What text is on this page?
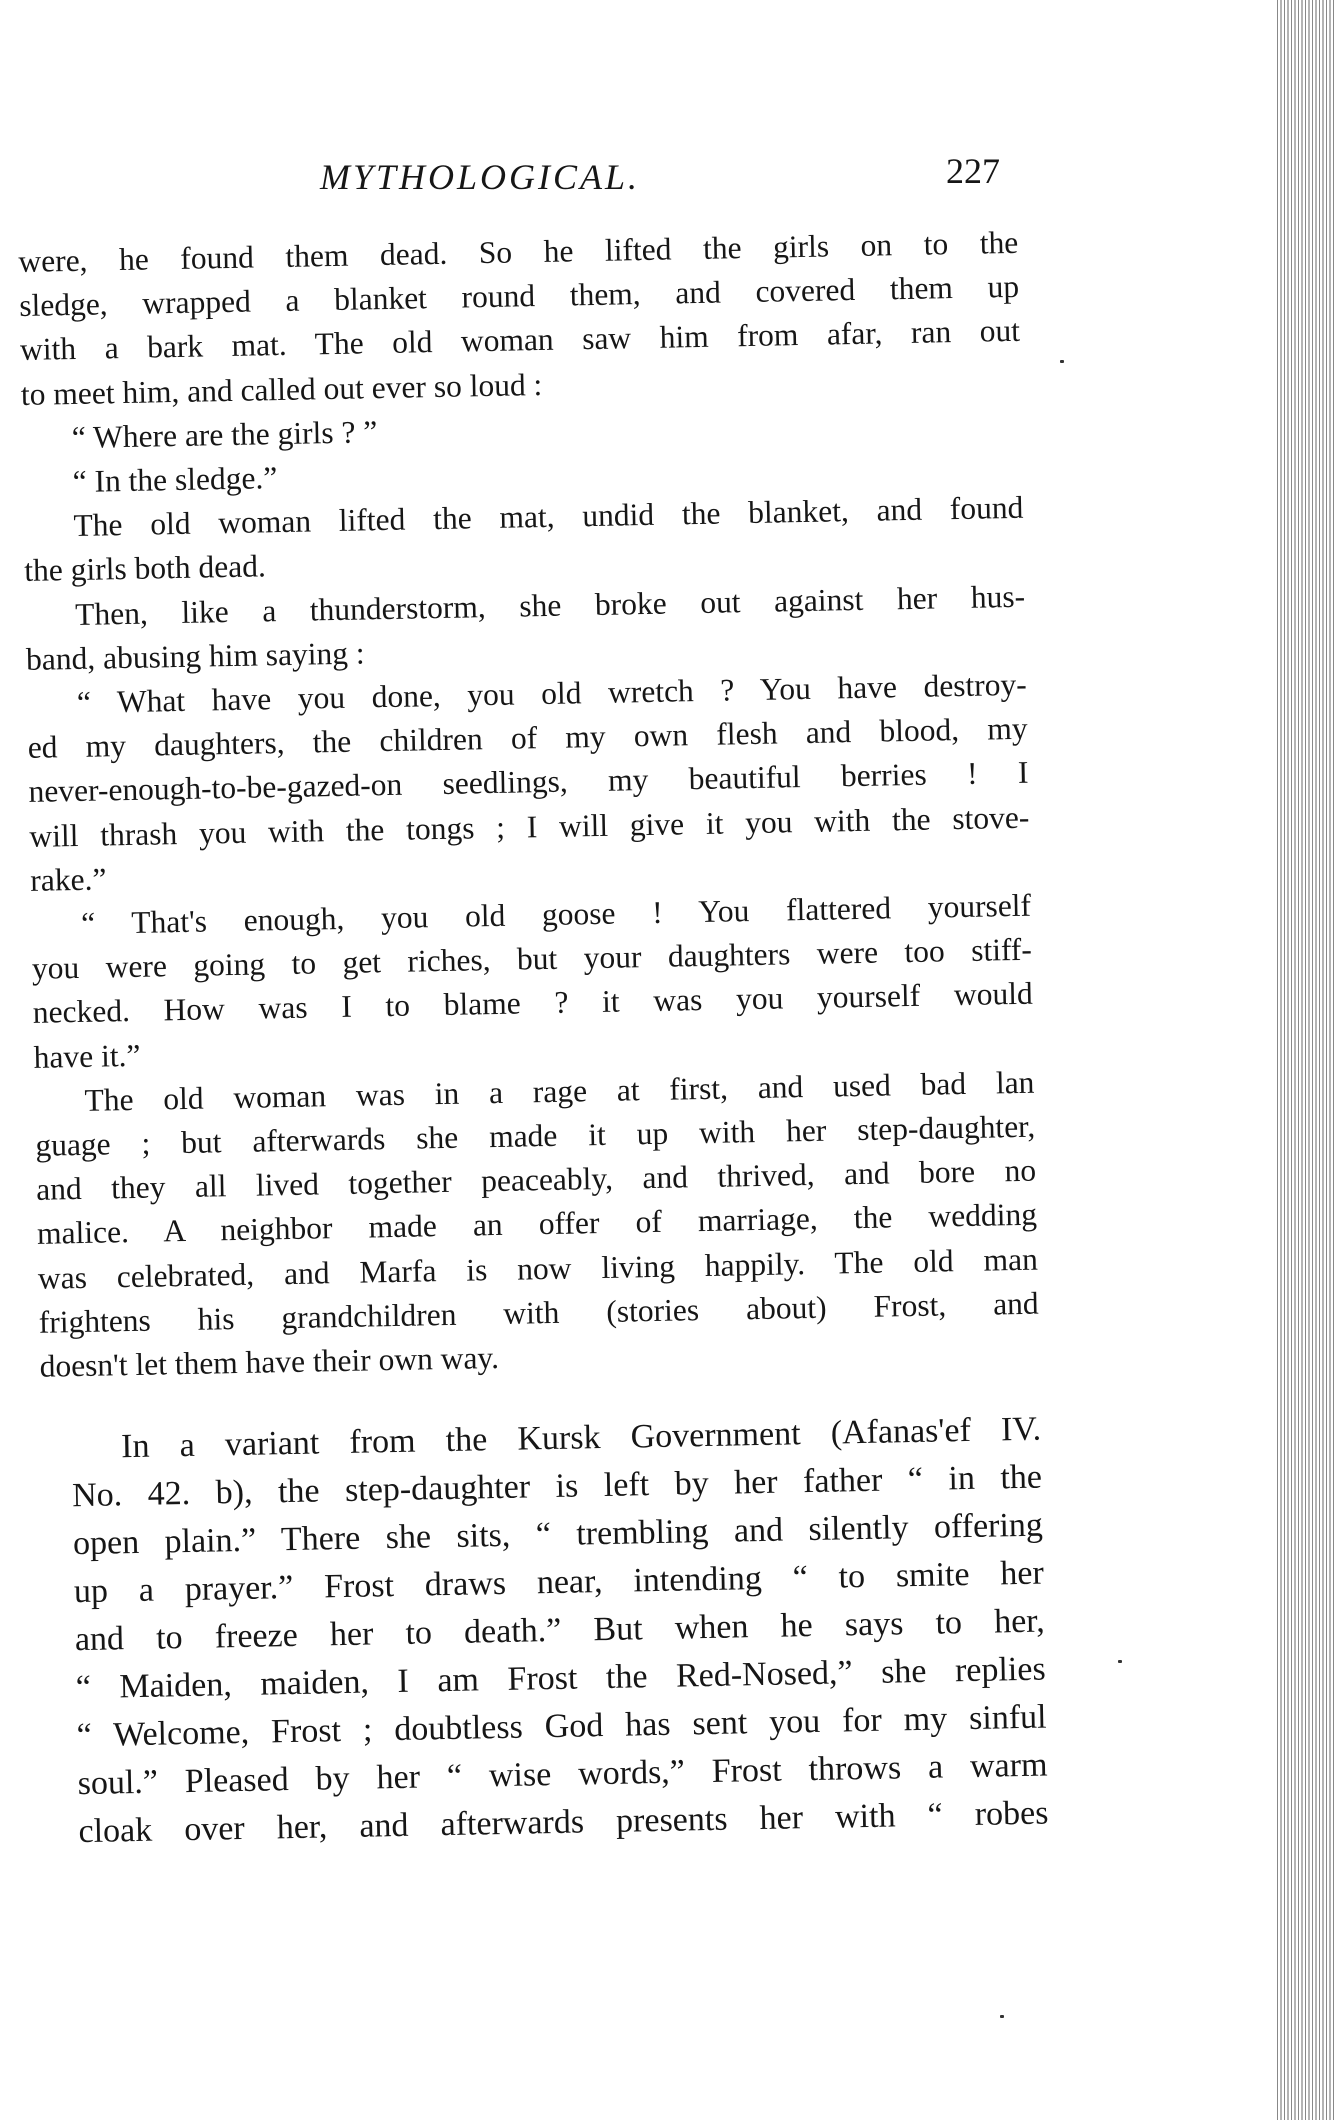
MYTHOLOGICAL.	227
were, he found them dead. So he lifted the girls on to the
sledge, wrapped a blanket round them, and covered them up
with a bark mat. The old woman saw him from afar, ran out
to meet him, and called out ever so loud :
“ Where are the girls ? ”
“ In the sledge.”
The old woman lifted the mat, undid the blanket, and found
the girls both dead.
Then, like a thunderstorm, she broke out against her hus-
band, abusing him saying :
“ What have you done, you old wretch ? You have destroy-
ed my daughters, the children of my own flesh and blood, my
never-enough-to-be-gazed-on seedlings, my beautiful berries ! I
will thrash you with the tongs ; I will give it you with the stove-
rake.”
“ That's enough, you old goose ! You flattered yourself
you were going to get riches, but your daughters were too stiff-
necked. How was I to blame ? it was you yourself would
have it.”
The old woman was in a rage at first, and used bad lan
guage ; but afterwards she made it up with her step-daughter,
and they all lived together peaceably, and thrived, and bore no
malice. A neighbor made an offer of marriage, the wedding
was celebrated, and Marfa is now living happily. The old man
frightens his grandchildren with (stories about) Frost, and
doesn't let them have their own way.
In a variant from the Kursk Government (Afanas'ef IV.
No. 42. b), the step-daughter is left by her father “ in the
open plain.” There she sits, “ trembling and silently offering
up a prayer.” Frost draws near, intending “ to smite her
and to freeze her to death.” But when he says to her,
“ Maiden, maiden, I am Frost the Red-Nosed,” she replies
“ Welcome, Frost ; doubtless God has sent you for my sinful
soul.” Pleased by her “ wise words,” Frost throws a warm
cloak over her, and afterwards presents her with “ robes
